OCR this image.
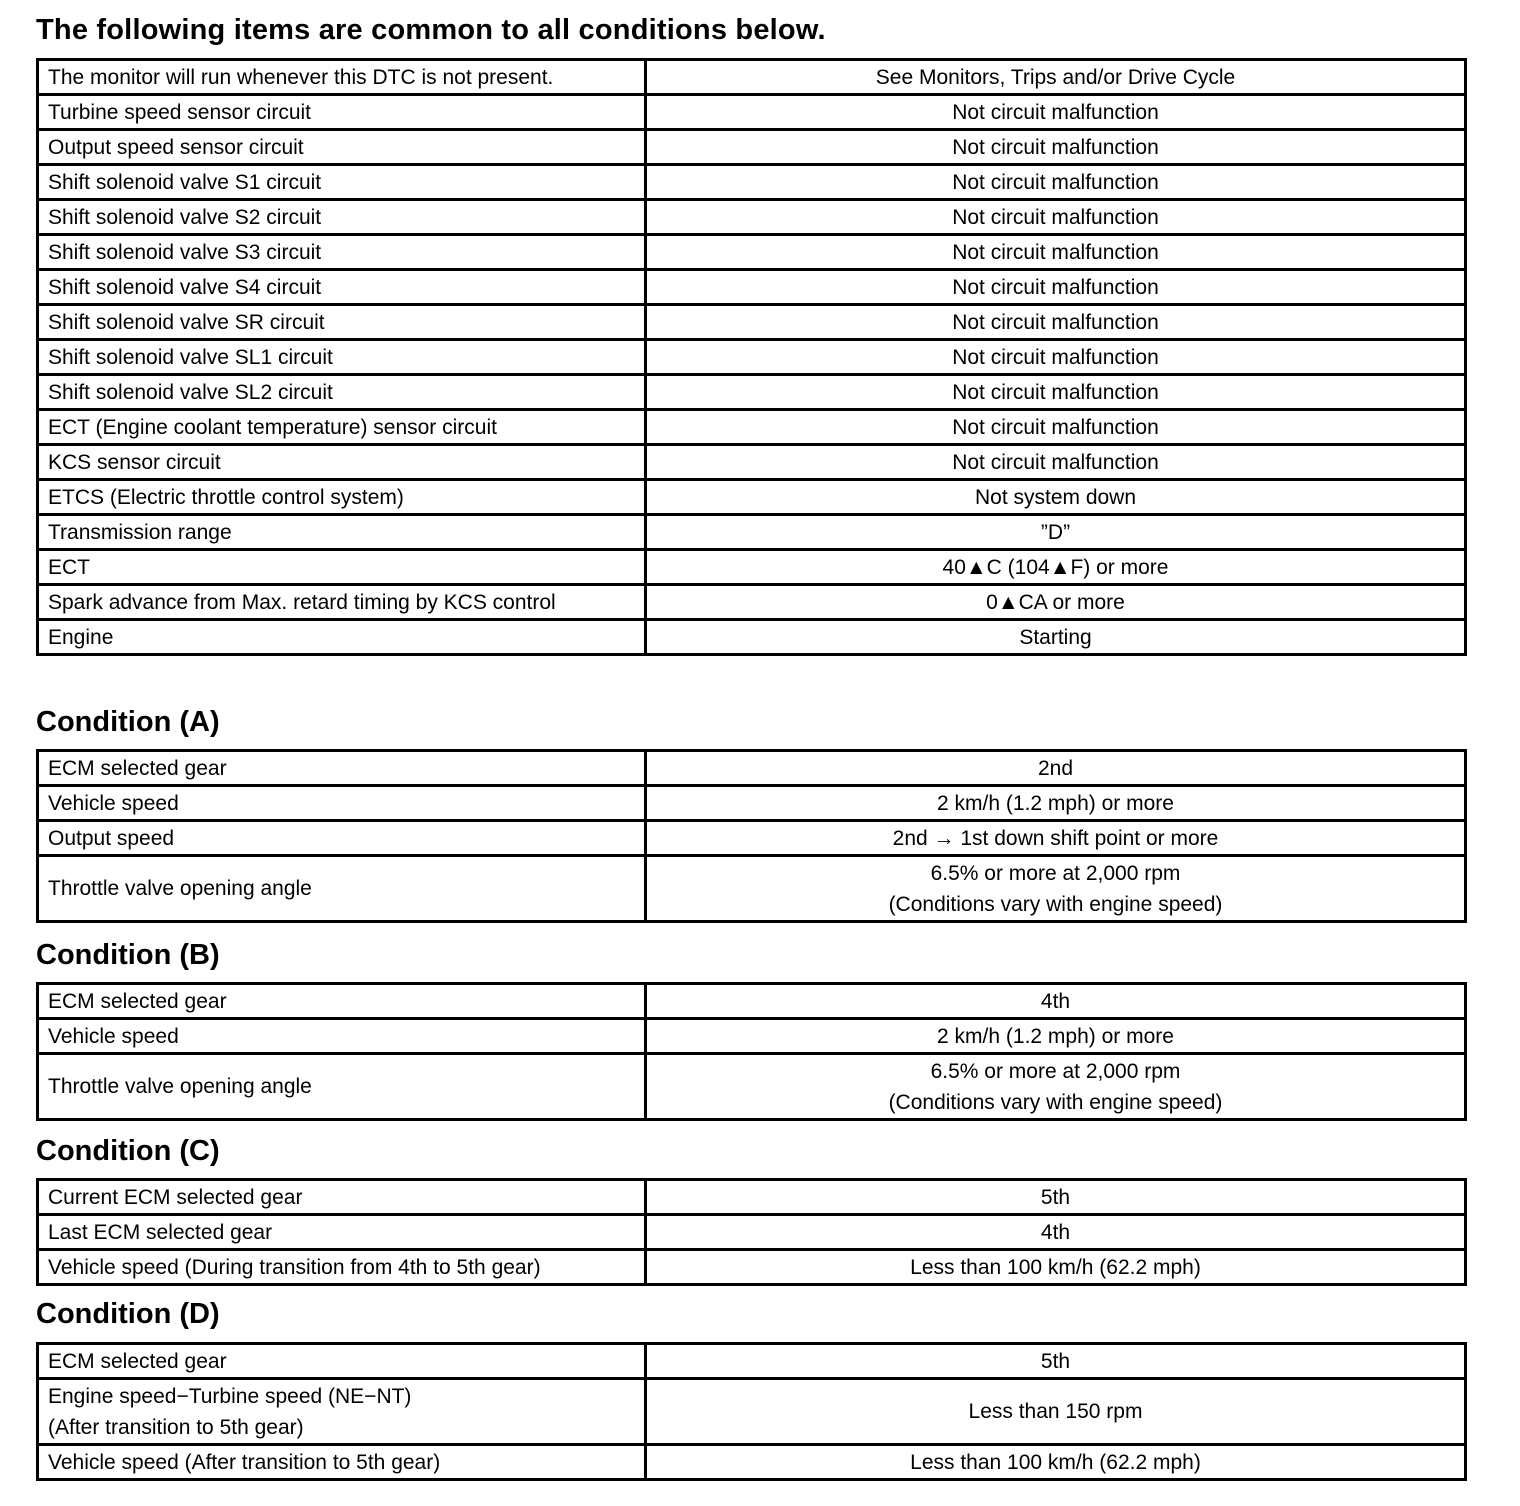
The following items are common to all conditions below.
The monitor will run whenever this DTC is not present.	See Monitors, Trips and/or Drive Cycle
Turbine speed sensor circuit	Not circuit malfunction
Output speed sensor circuit	Not circuit malfunction
Shift solenoid valve S1 circuit	Not circuit malfunction
Shift solenoid valve S2 circuit	Not circuit malfunction
Shift solenoid valve S3 circuit	Not circuit malfunction
Shift solenoid valve S4 circuit	Not circuit malfunction
Shift solenoid valve SR circuit	Not circuit malfunction
Shift solenoid valve SL1 circuit	Not circuit malfunction
Shift solenoid valve SL2 circuit	Not circuit malfunction
ECT (Engine coolant temperature) sensor circuit	Not circuit malfunction
KCS sensor circuit	Not circuit malfunction
ETCS (Electric throttle control system)	Not system down
Transmission range	”D”
ECT	40▲C (104▲F) or more
Spark advance from Max. retard timing by KCS control	0▲CA or more
Engine	Starting
Condition (A)
ECM selected gear	2nd
Vehicle speed	2 km/h (1.2 mph) or more
Output speed	2nd → 1st down shift point or more
Throttle valve opening angle	6.5% or more at 2,000 rpm
(Conditions vary with engine speed)
Condition (B)
ECM selected gear	4th
Vehicle speed	2 km/h (1.2 mph) or more
Throttle valve opening angle	6.5% or more at 2,000 rpm
(Conditions vary with engine speed)
Condition (C)
Current ECM selected gear	5th
Last ECM selected gear	4th
Vehicle speed (During transition from 4th to 5th gear)	Less than 100 km/h (62.2 mph)
Condition (D)
ECM selected gear	5th

Engine speed−Turbine speed (NE−NT)
(After transition to 5th gear)	Less than 150 rpm
Vehicle speed (After transition to 5th gear)	Less than 100 km/h (62.2 mph)
